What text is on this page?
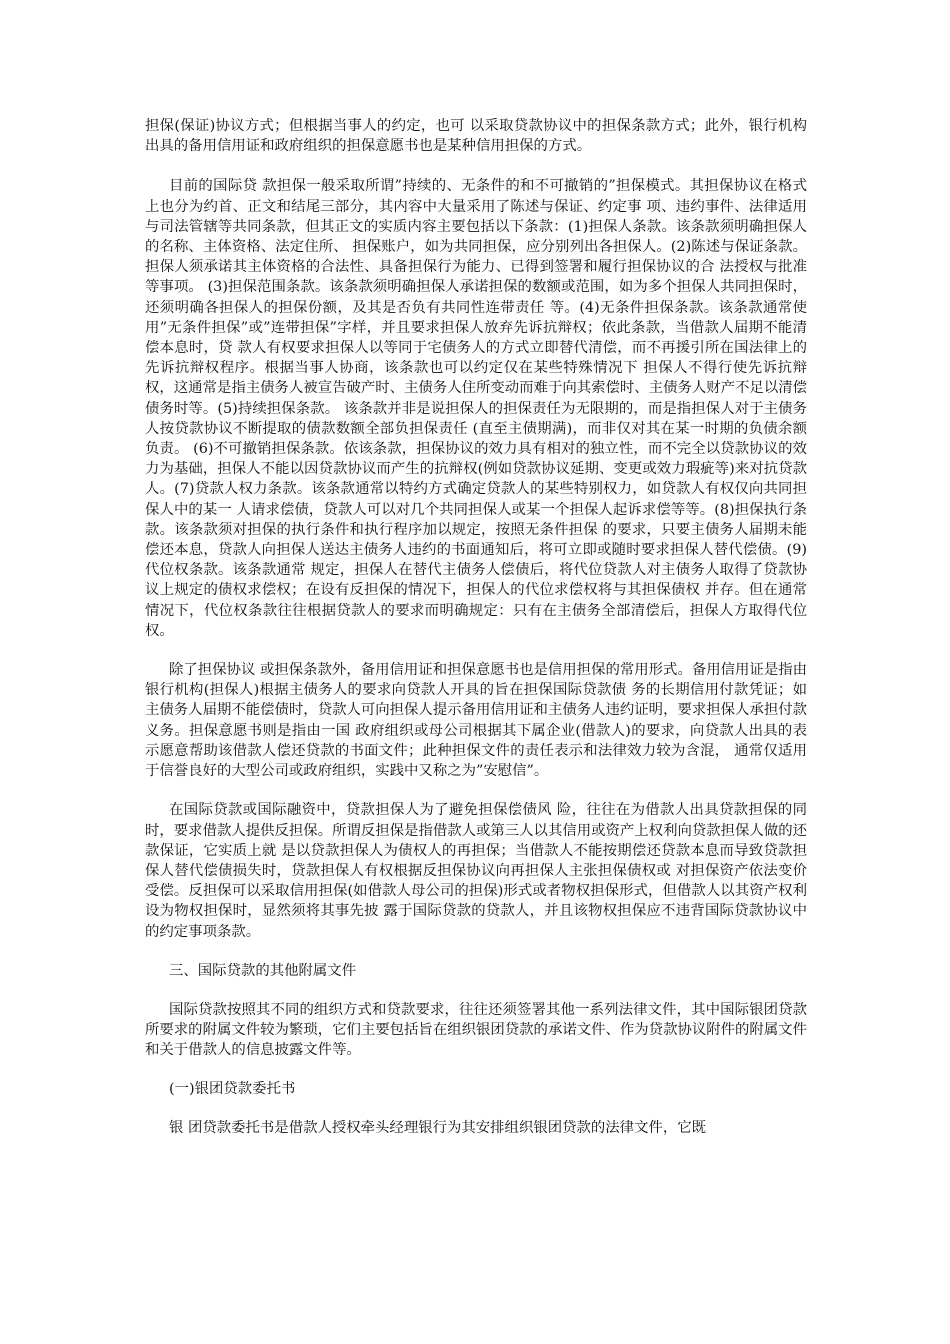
担保(保证)协议方式；但根据当事人的约定，也可 以采取贷款协议中的担保条款方式；此外，银行机构出具的备用信用证和政府组织的担保意愿书也是某种信用担保的方式。

目前的国际贷 款担保一般采取所谓”持续的、无条件的和不可撤销的”担保模式。其担保协议在格式上也分为约首、正文和结尾三部分，其内容中大量采用了陈述与保证、约定事 项、违约事件、法律适用与司法管辖等共同条款，但其正文的实质内容主要包括以下条款：(1)担保人条款。该条款须明确担保人的名称、主体资格、法定住所、 担保账户，如为共同担保，应分别列出各担保人。(2)陈述与保证条款。担保人须承诺其主体资格的合法性、具备担保行为能力、已得到签署和履行担保协议的合 法授权与批准等事项。 (3)担保范围条款。该条款须明确担保人承诺担保的数额或范围，如为多个担保人共同担保时，还须明确各担保人的担保份额，及其是否负有共同性连带责任 等。(4)无条件担保条款。该条款通常使用”无条件担保”或”连带担保”字样，并且要求担保人放弃先诉抗辩权；依此条款，当借款人届期不能清偿本息时，贷 款人有权要求担保人以等同于宅债务人的方式立即替代清偿，而不再援引所在国法律上的先诉抗辩权程序。根据当事人协商，该条款也可以约定仅在某些特殊情况下 担保人不得行使先诉抗辩权，这通常是指主债务人被宣告破产时、主债务人住所变动而难于向其索偿时、主债务人财产不足以清偿债务时等。(5)持续担保条款。 该条款并非是说担保人的担保责任为无限期的，而是指担保人对于主债务人按贷款协议不断提取的债款数额全部负担保责任 (直至主债期满)，而非仅对其在某一时期的负债余额负责。 (6)不可撤销担保条款。依该条款，担保协议的效力具有相对的独立性，而不完全以贷款协议的效力为基础，担保人不能以因贷款协议而产生的抗辩权(例如贷款协议延期、变更或效力瑕疵等)来对抗贷款人。(7)贷款人权力条款。该条款通常以特约方式确定贷款人的某些特别权力，如贷款人有权仅向共同担保人中的某一 人请求偿债，贷款人可以对几个共同担保人或某一个担保人起诉求偿等等。(8)担保执行条款。该条款须对担保的执行条件和执行程序加以规定，按照无条件担保 的要求，只要主债务人届期未能偿还本息，贷款人向担保人送达主债务人违约的书面通知后，将可立即或随时要求担保人替代偿债。(9)代位权条款。该条款通常 规定，担保人在替代主债务人偿债后，将代位贷款人对主债务人取得了贷款协议上规定的债权求偿权；在设有反担保的情况下，担保人的代位求偿权将与其担保债权 并存。但在通常情况下，代位权条款往往根据贷款人的要求而明确规定：只有在主债务全部清偿后，担保人方取得代位权。

除了担保协议 或担保条款外，备用信用证和担保意愿书也是信用担保的常用形式。备用信用证是指由银行机构(担保人)根据主债务人的要求向贷款人开具的旨在担保国际贷款债 务的长期信用付款凭证；如主债务人届期不能偿债时，贷款人可向担保人提示备用信用证和主债务人违约证明，要求担保人承担付款义务。担保意愿书则是指由一国 政府组织或母公司根据其下属企业(借款人)的要求，向贷款人出具的表示愿意帮助该借款人偿还贷款的书面文件；此种担保文件的责任表示和法律效力较为含混， 通常仅适用于信誉良好的大型公司或政府组织，实践中又称之为”安慰信”。

在国际贷款或国际融资中，贷款担保人为了避免担保偿债风 险，往往在为借款人出具贷款担保的同时，要求借款人提供反担保。所谓反担保是指借款人或第三人以其信用或资产上权利向贷款担保人做的还款保证，它实质上就 是以贷款担保人为债权人的再担保；当借款人不能按期偿还贷款本息而导致贷款担保人替代偿债损失时，贷款担保人有权根据反担保协议向再担保人主张担保债权或 对担保资产依法变价受偿。反担保可以采取信用担保(如借款人母公司的担保)形式或者物权担保形式，但借款人以其资产权利设为物权担保时，显然须将其事先披 露于国际贷款的贷款人，并且该物权担保应不违背国际贷款协议中的约定事项条款。

三、国际贷款的其他附属文件

国际贷款按照其不同的组织方式和贷款要求，往往还须签署其他一系列法律文件，其中国际银团贷款所要求的附属文件较为繁琐，它们主要包括旨在组织银团贷款的承诺文件、作为贷款协议附件的附属文件和关于借款人的信息披露文件等。

(一)银团贷款委托书

银 团贷款委托书是借款人授权牵头经理银行为其安排组织银团贷款的法律文件，它既
